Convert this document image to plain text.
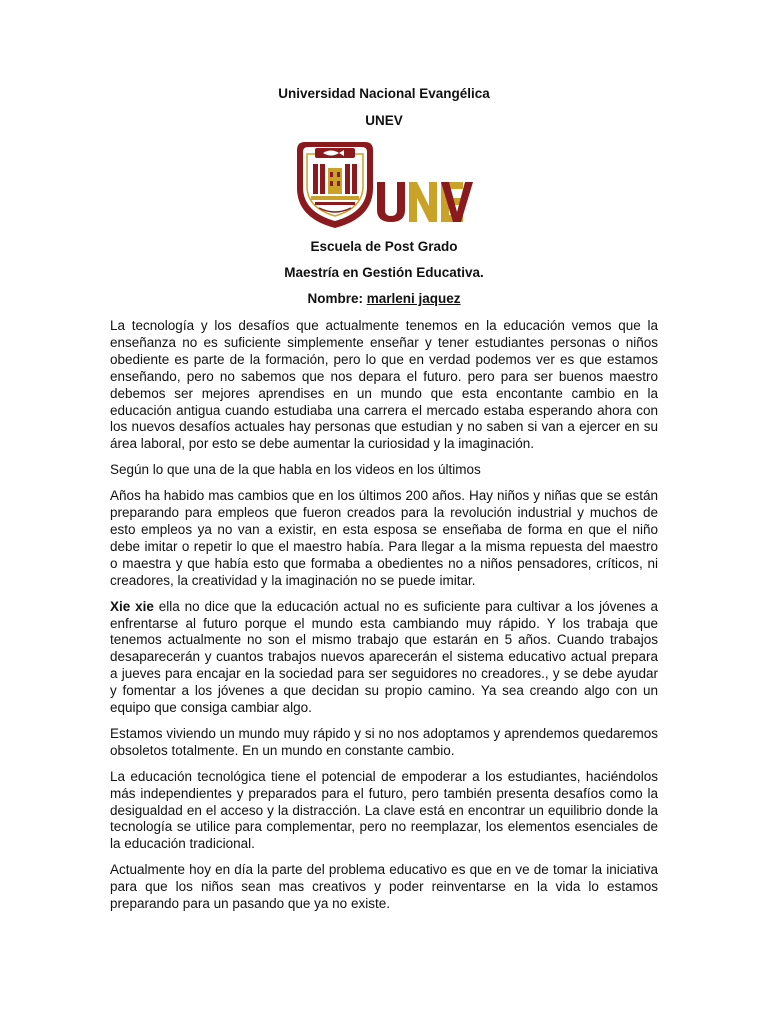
Universidad Nacional Evangélica

UNEV

Escuela de Post Grado

Maestría en Gestión Educativa.

Nombre: marleni jaquez

La tecnología y los desafíos que actualmente tenemos en la educación vemos que la enseñanza no es suficiente simplemente enseñar y tener estudiantes personas o niños obediente es parte de la formación, pero lo que en verdad podemos ver es que estamos enseñando, pero no sabemos que nos depara el futuro. pero para ser buenos maestro debemos ser mejores aprendises en un mundo que esta encontante cambio en la educación antigua cuando estudiaba una carrera el mercado estaba esperando ahora con los nuevos desafíos actuales hay personas que estudian y no saben si van a ejercer en su área laboral, por esto se debe aumentar la curiosidad y la imaginación.

Según lo que una de la que habla en los videos en los últimos

Años ha habido mas cambios que en los últimos 200 años. Hay niños y niñas que se están preparando para empleos que fueron creados para la revolución industrial y muchos de esto empleos ya no van a existir, en esta esposa se enseñaba de forma en que el niño debe imitar o repetir lo que el maestro había. Para llegar a la misma repuesta del maestro o maestra y que había esto que formaba a obedientes no a niños pensadores, críticos, ni creadores, la creatividad y la imaginación no se puede imitar.

Xie xie ella no dice que la educación actual no es suficiente para cultivar a los jóvenes a enfrentarse al futuro porque el mundo esta cambiando muy rápido. Y los trabaja que tenemos actualmente no son el mismo trabajo que estarán en 5 años. Cuando trabajos desaparecerán y cuantos trabajos nuevos aparecerán el sistema educativo actual prepara a jueves para encajar en la sociedad para ser seguidores no creadores., y se debe ayudar y fomentar a los jóvenes a que decidan su propio camino. Ya sea creando algo con un equipo que consiga cambiar algo.

Estamos viviendo un mundo muy rápido y si no nos adoptamos y aprendemos quedaremos obsoletos totalmente. En un mundo en constante cambio.

La educación tecnológica tiene el potencial de empoderar a los estudiantes, haciéndolos más independientes y preparados para el futuro, pero también presenta desafíos como la desigualdad en el acceso y la distracción. La clave está en encontrar un equilibrio donde la tecnología se utilice para complementar, pero no reemplazar, los elementos esenciales de la educación tradicional.

Actualmente hoy en día la parte del problema educativo es que en ve de tomar la iniciativa para que los niños sean mas creativos y poder reinventarse en la vida lo estamos preparando para un pasando que ya no existe.
